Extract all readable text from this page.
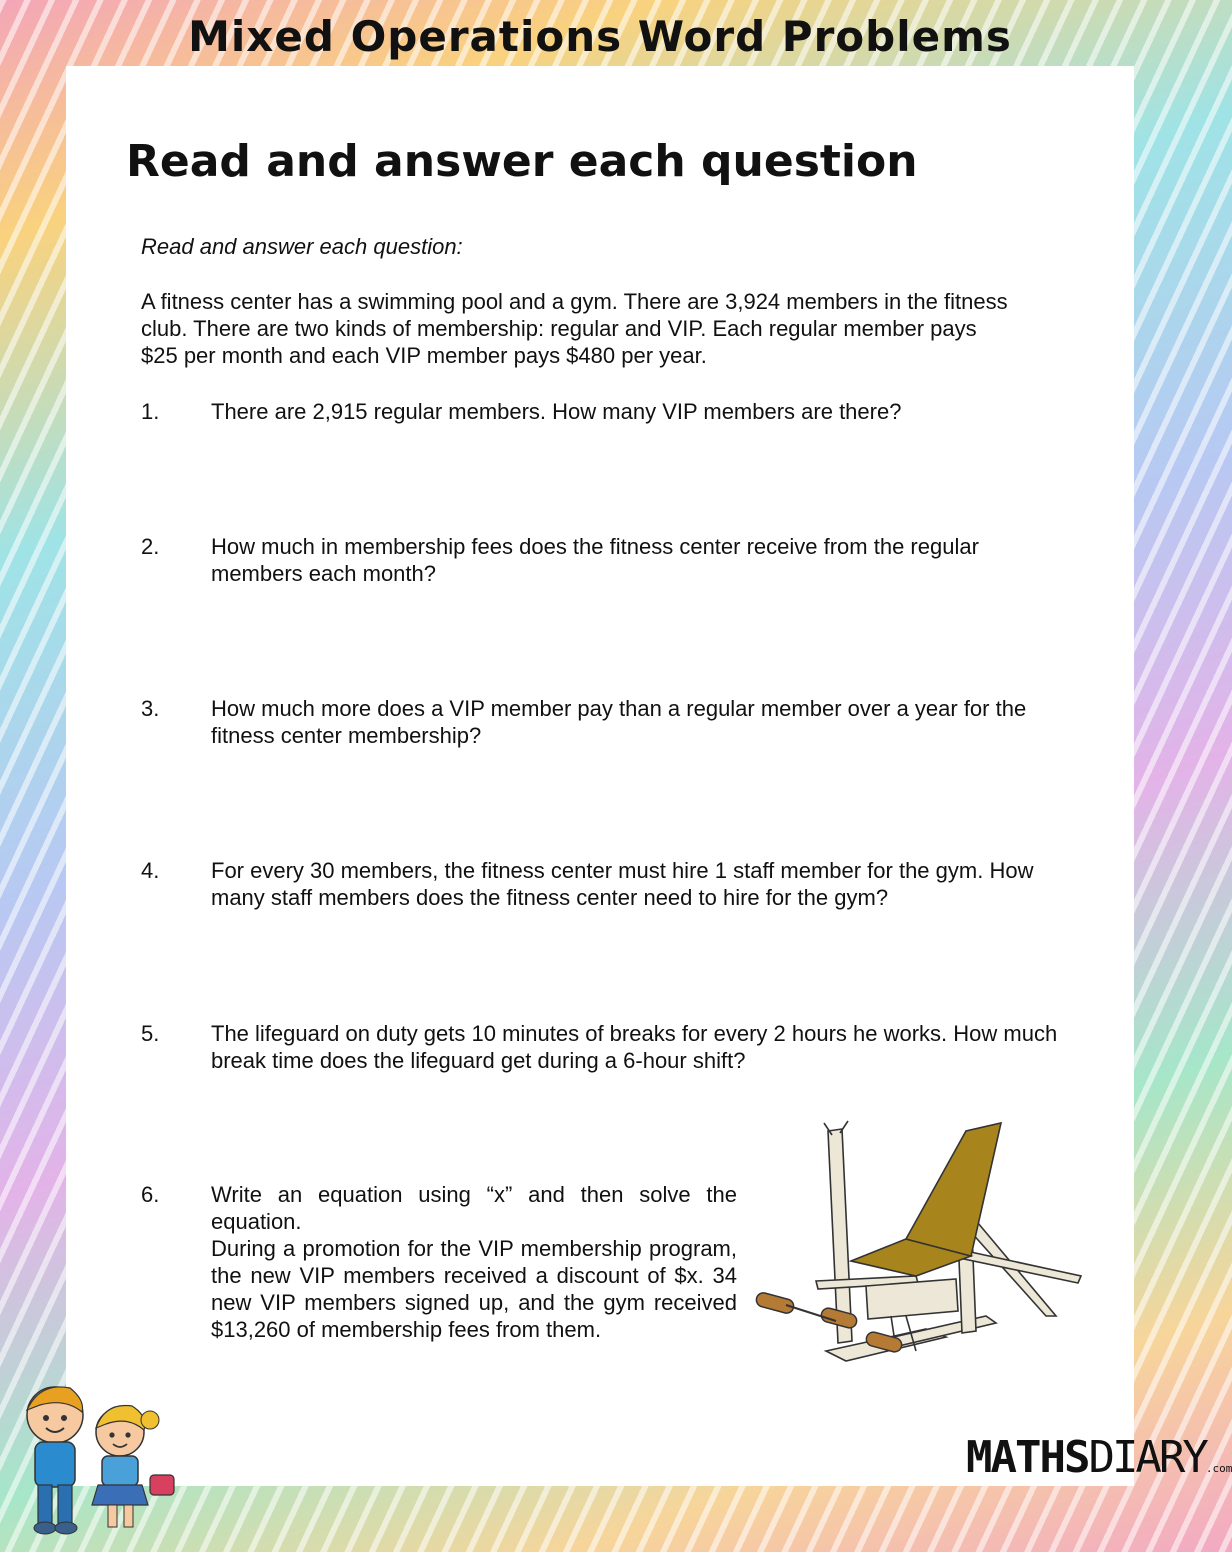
Mixed Operations Word Problems
Read and answer each question
Read and answer each question:
A fitness center has a swimming pool and a gym. There are 3,924 members in the fitness club. There are two kinds of membership: regular and VIP. Each regular member pays $25 per month and each VIP member pays $480 per year.
1. There are 2,915 regular members. How many VIP members are there?
2. How much in membership fees does the fitness center receive from the regular members each month?
3. How much more does a VIP member pay than a regular member over a year for the fitness center membership?
4. For every 30 members, the fitness center must hire 1 staff member for the gym. How many staff members does the fitness center need to hire for the gym?
5. The lifeguard on duty gets 10 minutes of breaks for every 2 hours he works. How much break time does the lifeguard get during a 6-hour shift?
6. Write an equation using “x” and then solve the equation.
During a promotion for the VIP membership program, the new VIP members received a discount of $x. 34 new VIP members signed up, and the gym received $13,260 of membership fees from them.
MATHSDIARY.com
